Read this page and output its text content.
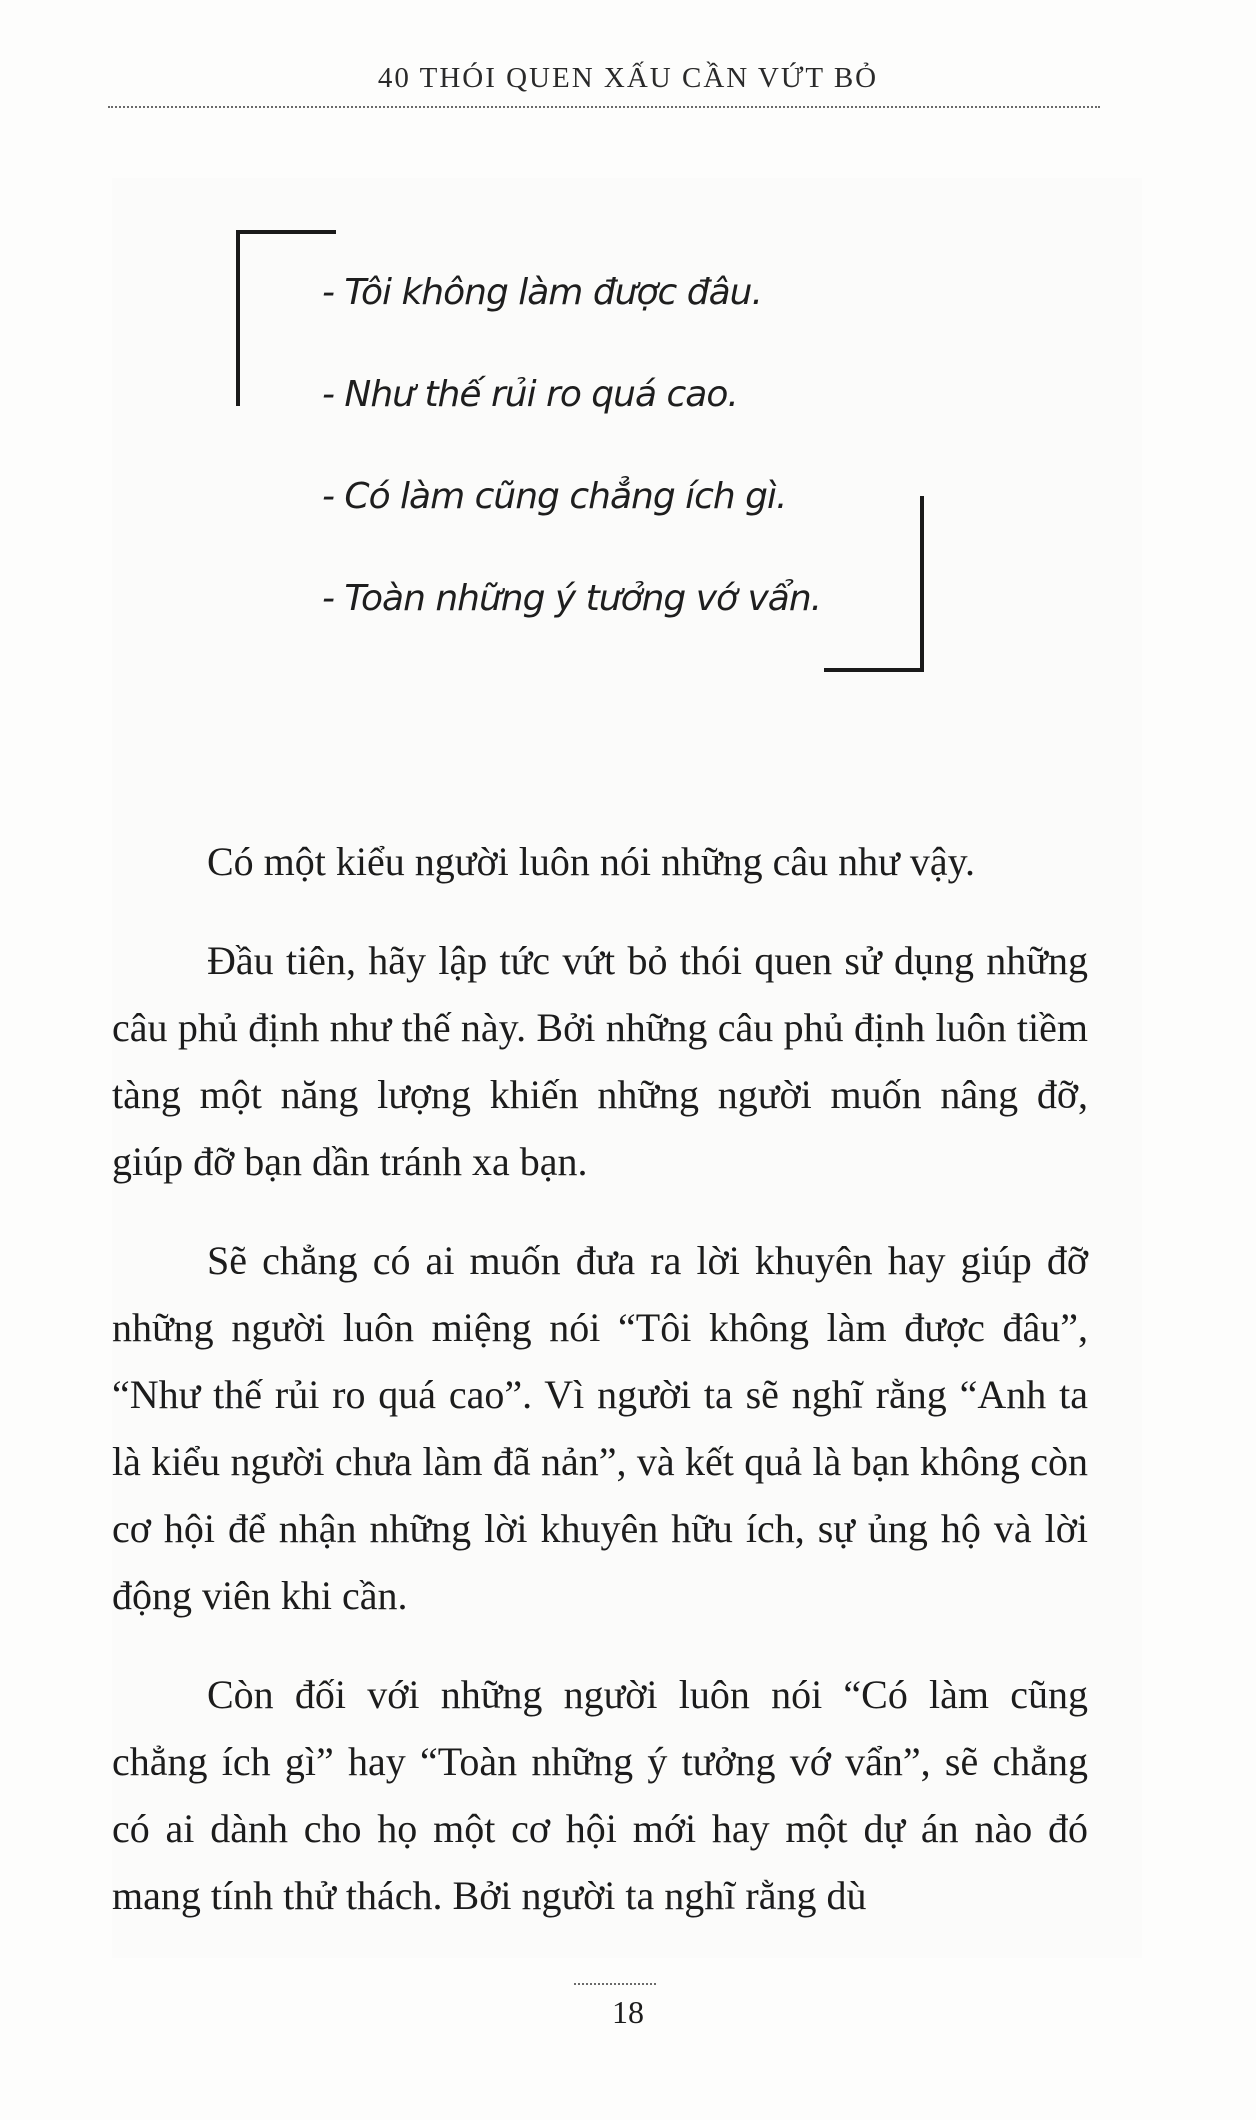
40 THÓI QUEN XẤU CẦN VỨT BỎ
- Tôi không làm được đâu.
- Như thế rủi ro quá cao.
- Có làm cũng chẳng ích gì.
- Toàn những ý tưởng vớ vẩn.

Có một kiểu người luôn nói những câu như vậy.

Đầu tiên, hãy lập tức vứt bỏ thói quen sử dụng những câu phủ định như thế này. Bởi những câu phủ định luôn tiềm tàng một năng lượng khiến những người muốn nâng đỡ, giúp đỡ bạn dần tránh xa bạn.

Sẽ chẳng có ai muốn đưa ra lời khuyên hay giúp đỡ những người luôn miệng nói “Tôi không làm được đâu”, “Như thế rủi ro quá cao”. Vì người ta sẽ nghĩ rằng “Anh ta là kiểu người chưa làm đã nản”, và kết quả là bạn không còn cơ hội để nhận những lời khuyên hữu ích, sự ủng hộ và lời động viên khi cần.

Còn đối với những người luôn nói “Có làm cũng chẳng ích gì” hay “Toàn những ý tưởng vớ vẩn”, sẽ chẳng có ai dành cho họ một cơ hội mới hay một dự án nào đó mang tính thử thách. Bởi người ta nghĩ rằng dù

18
